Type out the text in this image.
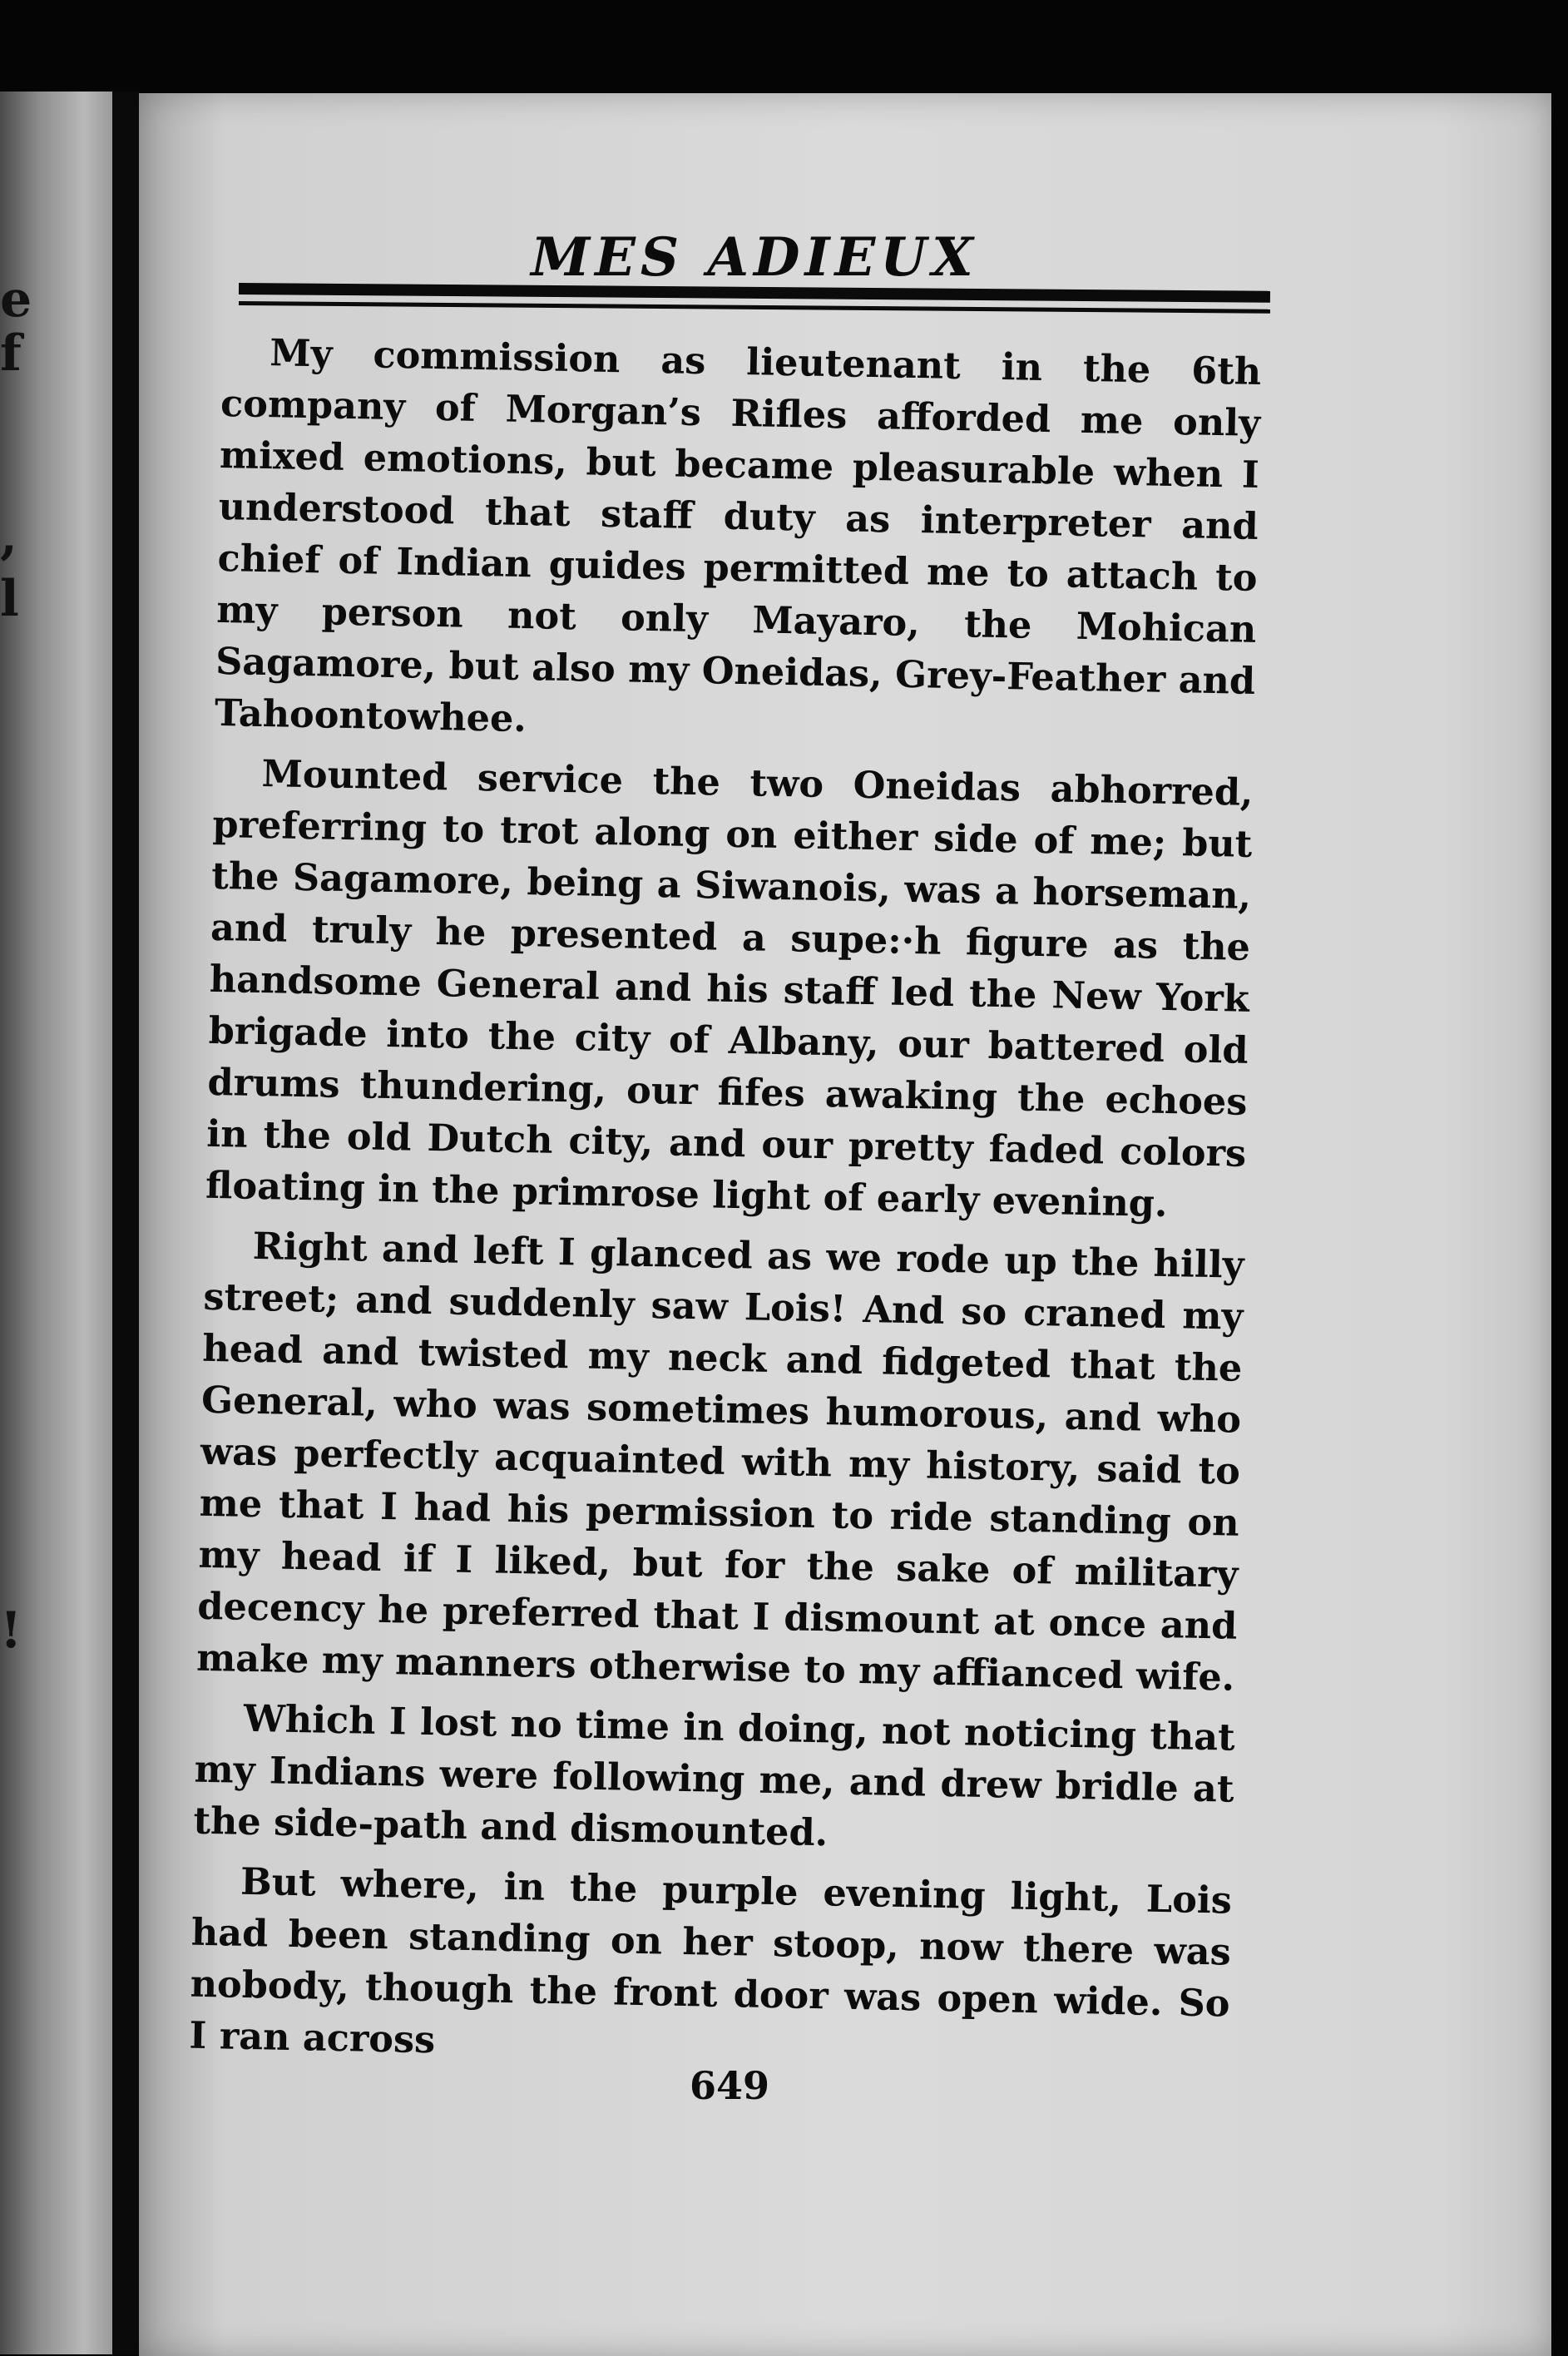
e
f
,
l
!
MES ADIEUX

My commission as lieutenant in the 6th company of Morgan’s Rifles afforded me only mixed emotions, but became pleasurable when I understood that staff duty as interpreter and chief of Indian guides permitted me to attach to my person not only Mayaro, the Mohican Sagamore, but also my Oneidas, Grey-Feather and Tahoontowhee.

Mounted service the two Oneidas abhorred, preferring to trot along on either side of me; but the Sagamore, being a Siwanois, was a horseman, and truly he presented a supe:·h figure as the handsome General and his staff led the New York brigade into the city of Albany, our battered old drums thundering, our fifes awaking the echoes in the old Dutch city, and our pretty faded colors floating in the primrose light of early evening.

Right and left I glanced as we rode up the hilly street; and suddenly saw Lois! And so craned my head and twisted my neck and fidgeted that the General, who was sometimes humorous, and who was perfectly acquainted with my history, said to me that I had his permission to ride standing on my head if I liked, but for the sake of military decency he preferred that I dismount at once and make my manners otherwise to my affianced wife.

Which I lost no time in doing, not noticing that my Indians were following me, and drew bridle at the side-path and dismounted.

But where, in the purple evening light, Lois had been standing on her stoop, now there was nobody, though the front door was open wide. So I ran across

649
